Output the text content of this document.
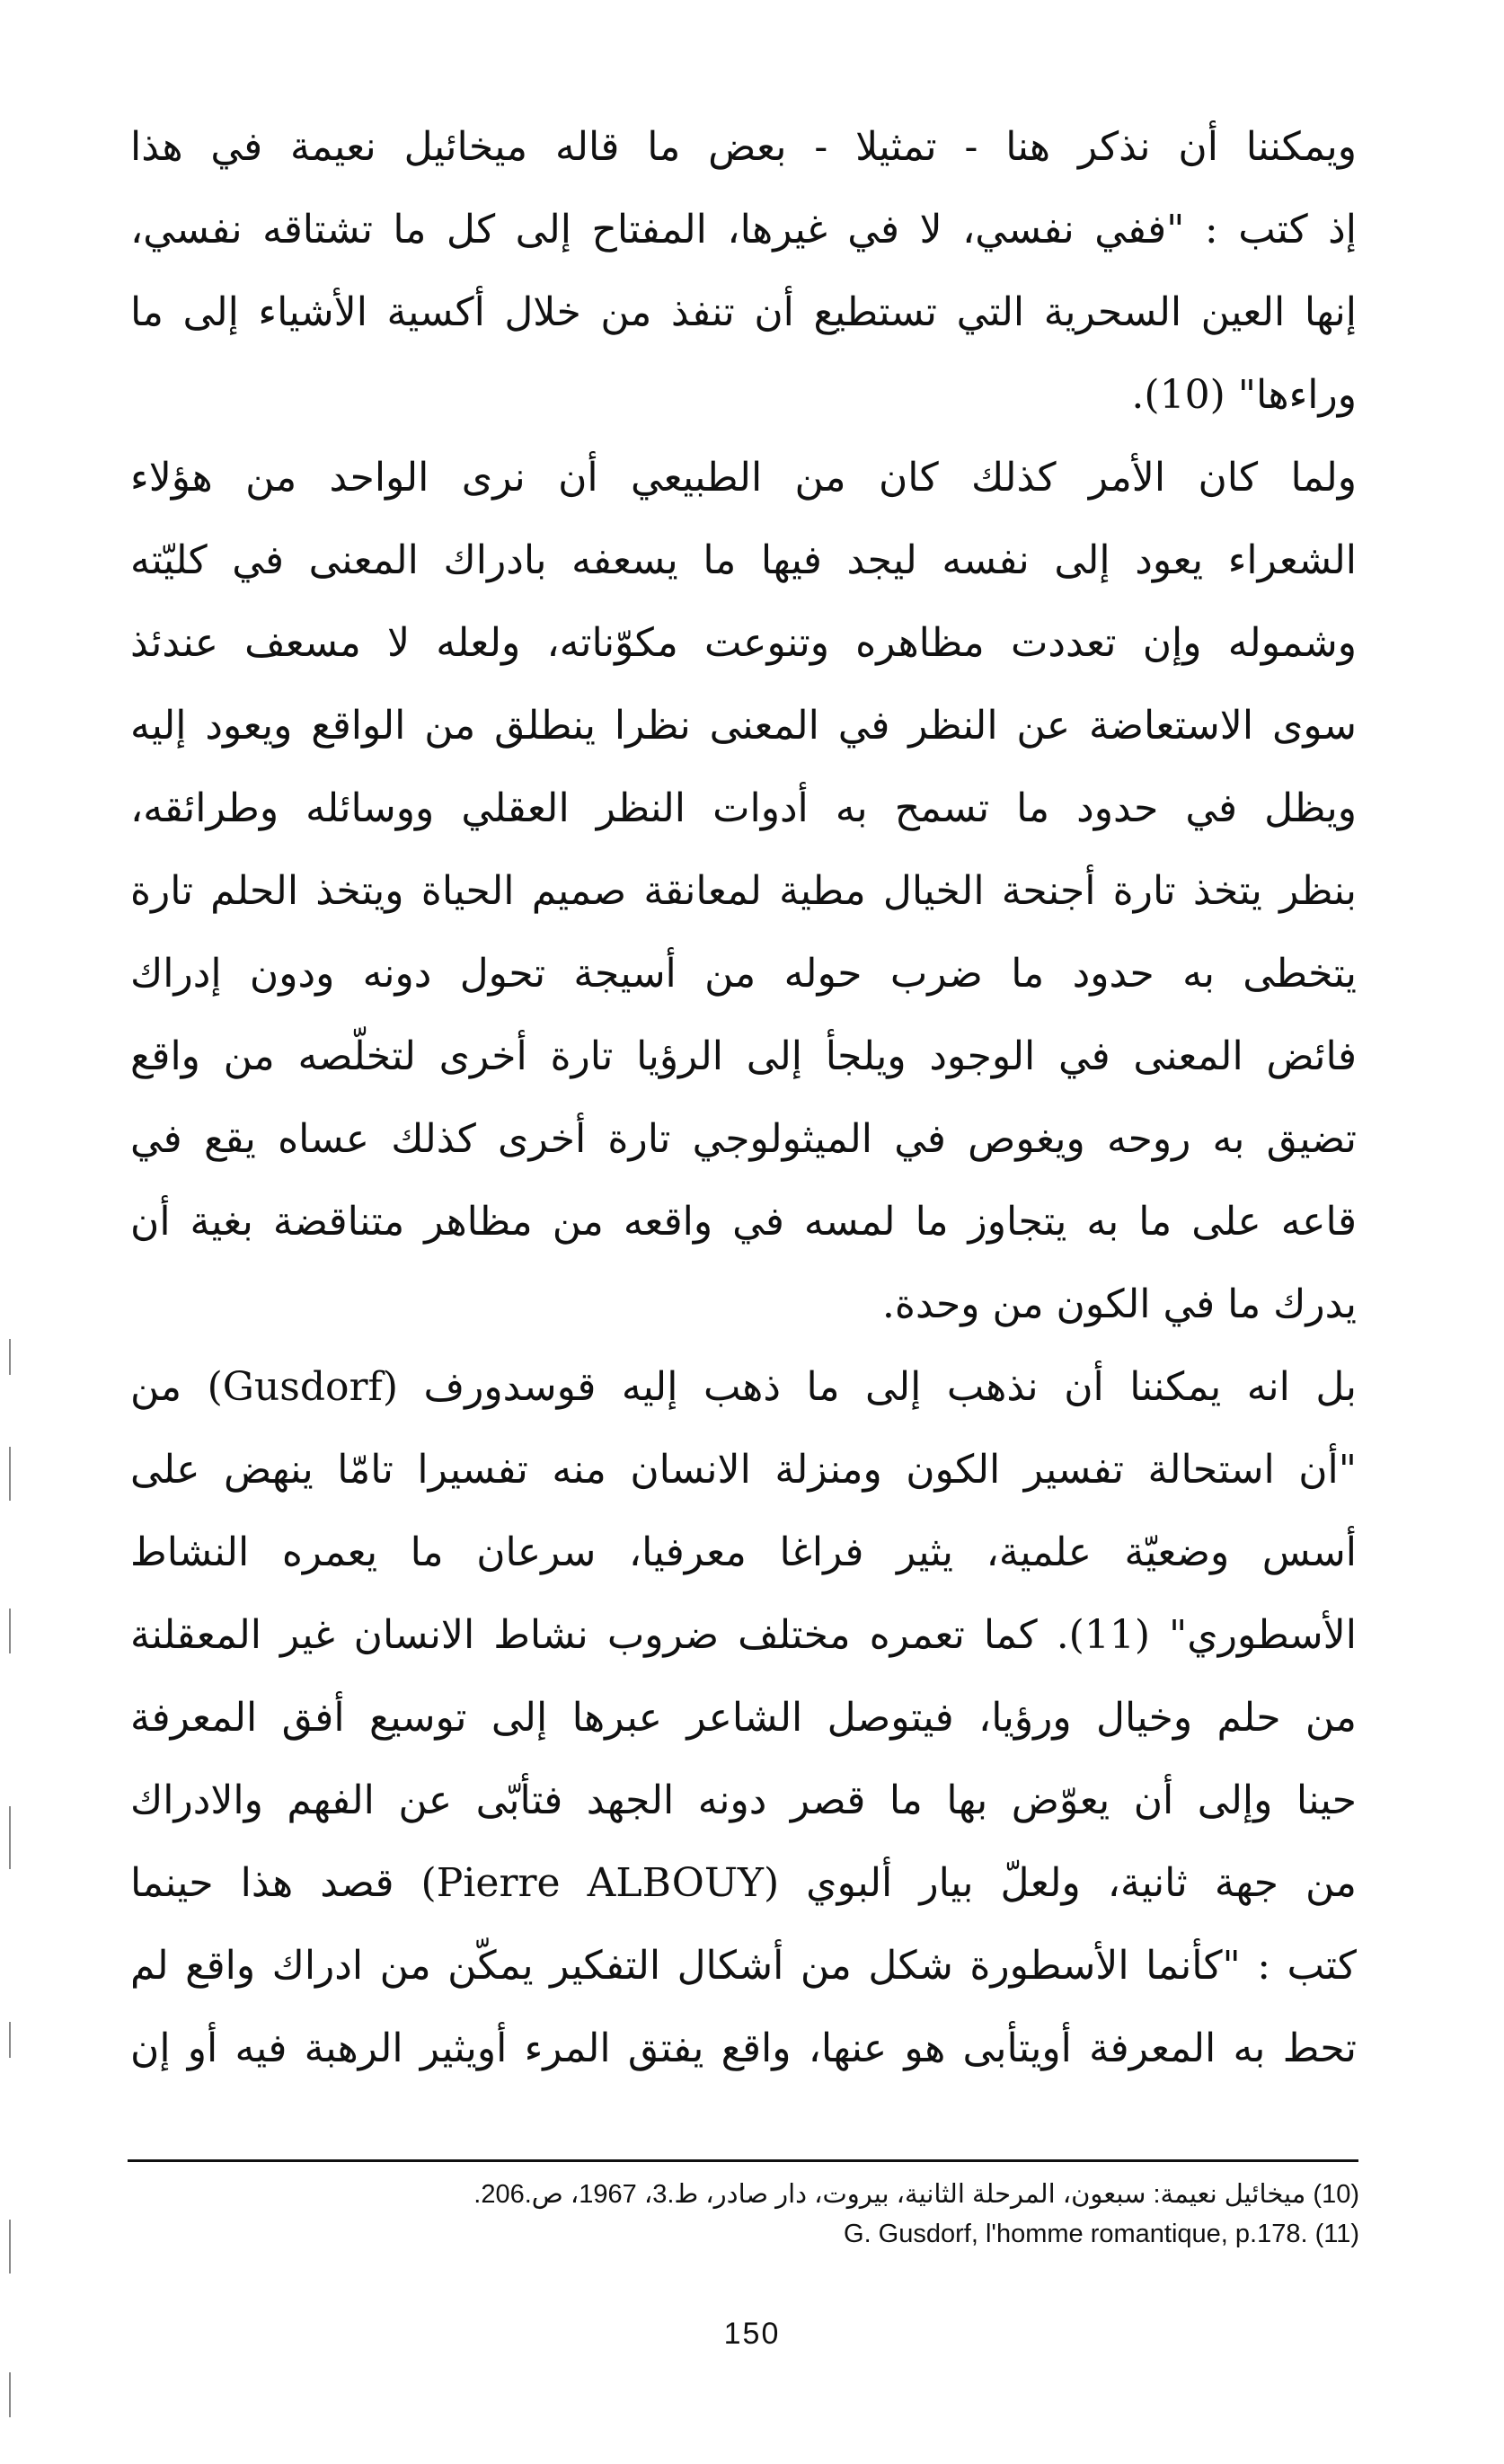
ويمكننا أن نذكر هنا - تمثيلا - بعض ما قاله ميخائيل نعيمة في هذا
إذ كتب : "ففي نفسي، لا في غيرها، المفتاح إلى كل ما تشتاقه نفسي،
إنها العين السحرية التي تستطيع أن تنفذ من خلال أكسية الأشياء إلى ما
وراءها" (10).
ولما كان الأمر كذلك كان من الطبيعي أن نرى الواحد من هؤلاء
الشعراء يعود إلى نفسه ليجد فيها ما يسعفه بادراك المعنى في كليّته
وشموله وإن تعددت مظاهره وتنوعت مكوّناته، ولعله لا مسعف عندئذ
سوى الاستعاضة عن النظر في المعنى نظرا ينطلق من الواقع ويعود إليه
ويظل في حدود ما تسمح به أدوات النظر العقلي ووسائله وطرائقه،
بنظر يتخذ تارة أجنحة الخيال مطية لمعانقة صميم الحياة ويتخذ الحلم تارة
يتخطى به حدود ما ضرب حوله من أسيجة تحول دونه ودون إدراك
فائض المعنى في الوجود ويلجأ إلى الرؤيا تارة أخرى لتخلّصه من واقع
تضيق به روحه ويغوص في الميثولوجي تارة أخرى كذلك عساه يقع في
قاعه على ما به يتجاوز ما لمسه في واقعه من مظاهر متناقضة بغية أن
يدرك ما في الكون من وحدة.
بل انه يمكننا أن نذهب إلى ما ذهب إليه قوسدورف (Gusdorf) من
"أن استحالة تفسير الكون ومنزلة الانسان منه تفسيرا تامّا ينهض على
أسس وضعيّة علمية، يثير فراغا معرفيا، سرعان ما يعمره النشاط
الأسطوري" (11). كما تعمره مختلف ضروب نشاط الانسان غير المعقلنة
من حلم وخيال ورؤيا، فيتوصل الشاعر عبرها إلى توسيع أفق المعرفة
حينا وإلى أن يعوّض بها ما قصر دونه الجهد فتأبّى عن الفهم والادراك
من جهة ثانية، ولعلّ بيار ألبوي (Pierre ALBOUY) قصد هذا حينما
كتب : "كأنما الأسطورة شكل من أشكال التفكير يمكّن من ادراك واقع لم
تحط به المعرفة أويتأبى هو عنها، واقع يفتق المرء أويثير الرهبة فيه أو إن
(10) ميخائيل نعيمة: سبعون، المرحلة الثانية، بيروت، دار صادر، ط.3، 1967، ص.206.
G. Gusdorf, l'homme romantique, p.178. (11)
150
